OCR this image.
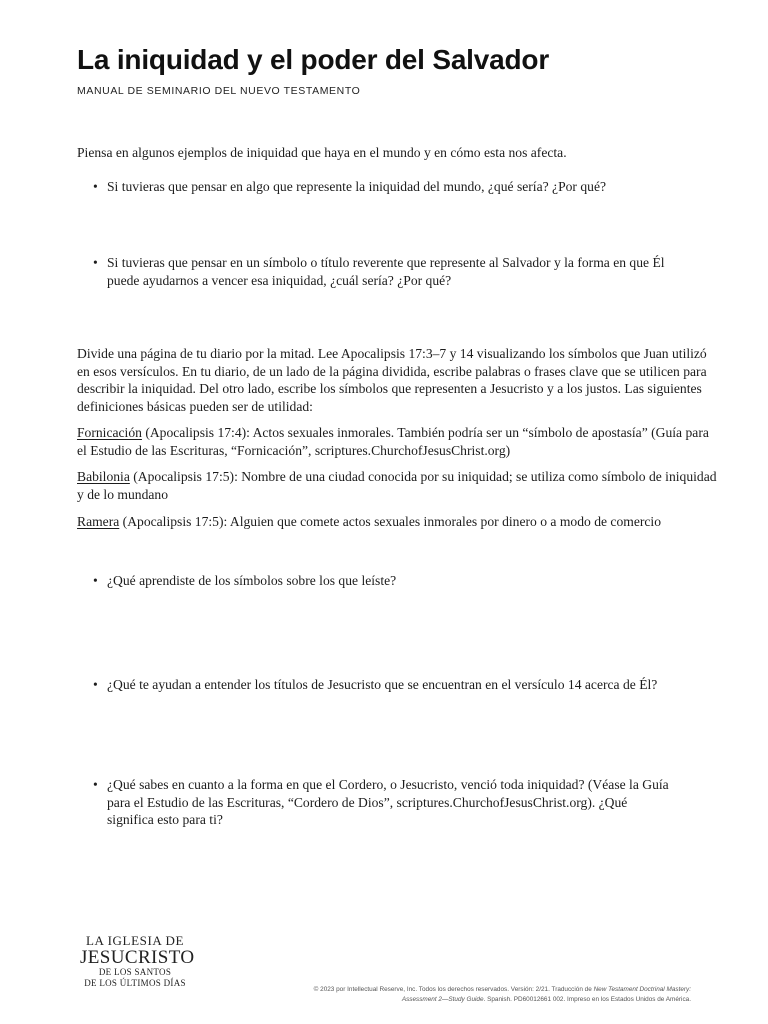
La iniquidad y el poder del Salvador

MANUAL DE SEMINARIO DEL NUEVO TESTAMENTO

Piensa en algunos ejemplos de iniquidad que haya en el mundo y en cómo esta nos afecta.

• Si tuvieras que pensar en algo que represente la iniquidad del mundo, ¿qué sería? ¿Por qué?
• Si tuvieras que pensar en un símbolo o título reverente que represente al Salvador y la forma en que Él puede ayudarnos a vencer esa iniquidad, ¿cuál sería? ¿Por qué?

Divide una página de tu diario por la mitad. Lee Apocalipsis 17:3–7 y 14 visualizando los símbolos que Juan utilizó en esos versículos. En tu diario, de un lado de la página dividida, escribe palabras o frases clave que se utilicen para describir la iniquidad. Del otro lado, escribe los símbolos que representen a Jesucristo y a los justos. Las siguientes definiciones básicas pueden ser de utilidad:

Fornicación (Apocalipsis 17:4): Actos sexuales inmorales. También podría ser un “símbolo de apostasía” (Guía para el Estudio de las Escrituras, “Fornicación”, scriptures.ChurchofJesusChrist.org)

Babilonia (Apocalipsis 17:5): Nombre de una ciudad conocida por su iniquidad; se utiliza como símbolo de iniquidad y de lo mundano

Ramera (Apocalipsis 17:5): Alguien que comete actos sexuales inmorales por dinero o a modo de comercio

• ¿Qué aprendiste de los símbolos sobre los que leíste?
• ¿Qué te ayudan a entender los títulos de Jesucristo que se encuentran en el versículo 14 acerca de Él?
• ¿Qué sabes en cuanto a la forma en que el Cordero, o Jesucristo, venció toda iniquidad? (Véase la Guía para el Estudio de las Escrituras, “Cordero de Dios”, scriptures.ChurchofJesusChrist.org). ¿Qué significa esto para ti?
LA IGLESIA DE
JESUCRISTO
DE LOS SANTOS
DE LOS ÚLTIMOS DÍAS
© 2023 por Intellectual Reserve, Inc. Todos los derechos reservados. Versión: 2/21. Traducción de New Testament Doctrinal Mastery:
Assessment 2—Study Guide. Spanish. PD60012661 002. Impreso en los Estados Unidos de América.
